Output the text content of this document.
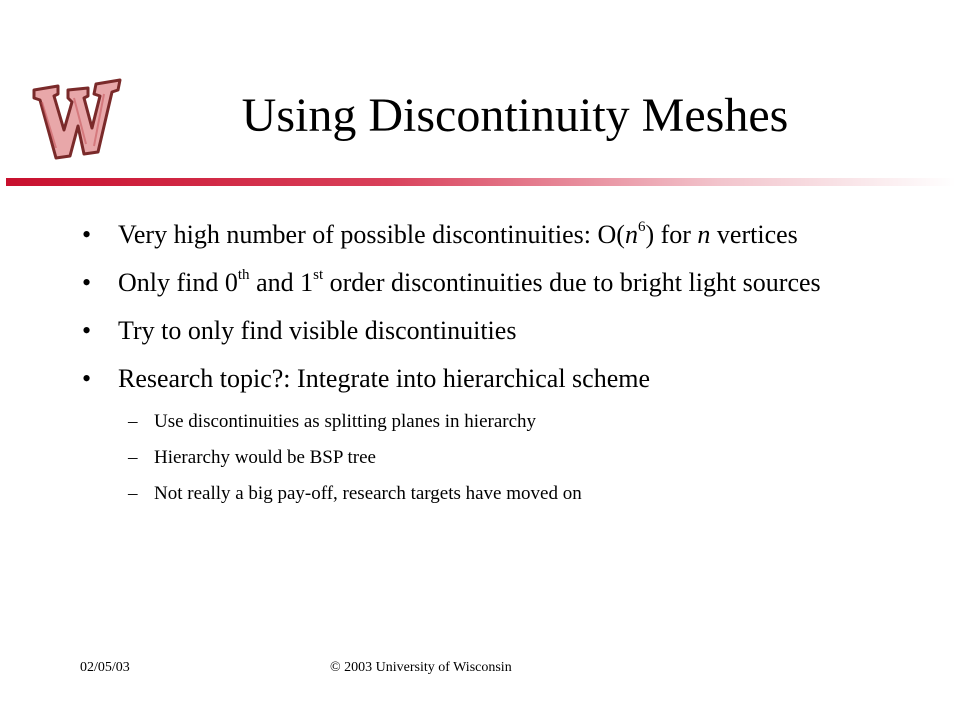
Using Discontinuity Meshes
• Very high number of possible discontinuities: $O(n^6)$ for n vertices
• Only find 0th and 1st order discontinuities due to bright light sources
• Try to only find visible discontinuities
• Research topic?: Integrate into hierarchical scheme
– Use discontinuities as splitting planes in hierarchy
– Hierarchy would be BSP tree
– Not really a big pay-off, research targets have moved on
02/05/03	© 2003 University of Wisconsin
